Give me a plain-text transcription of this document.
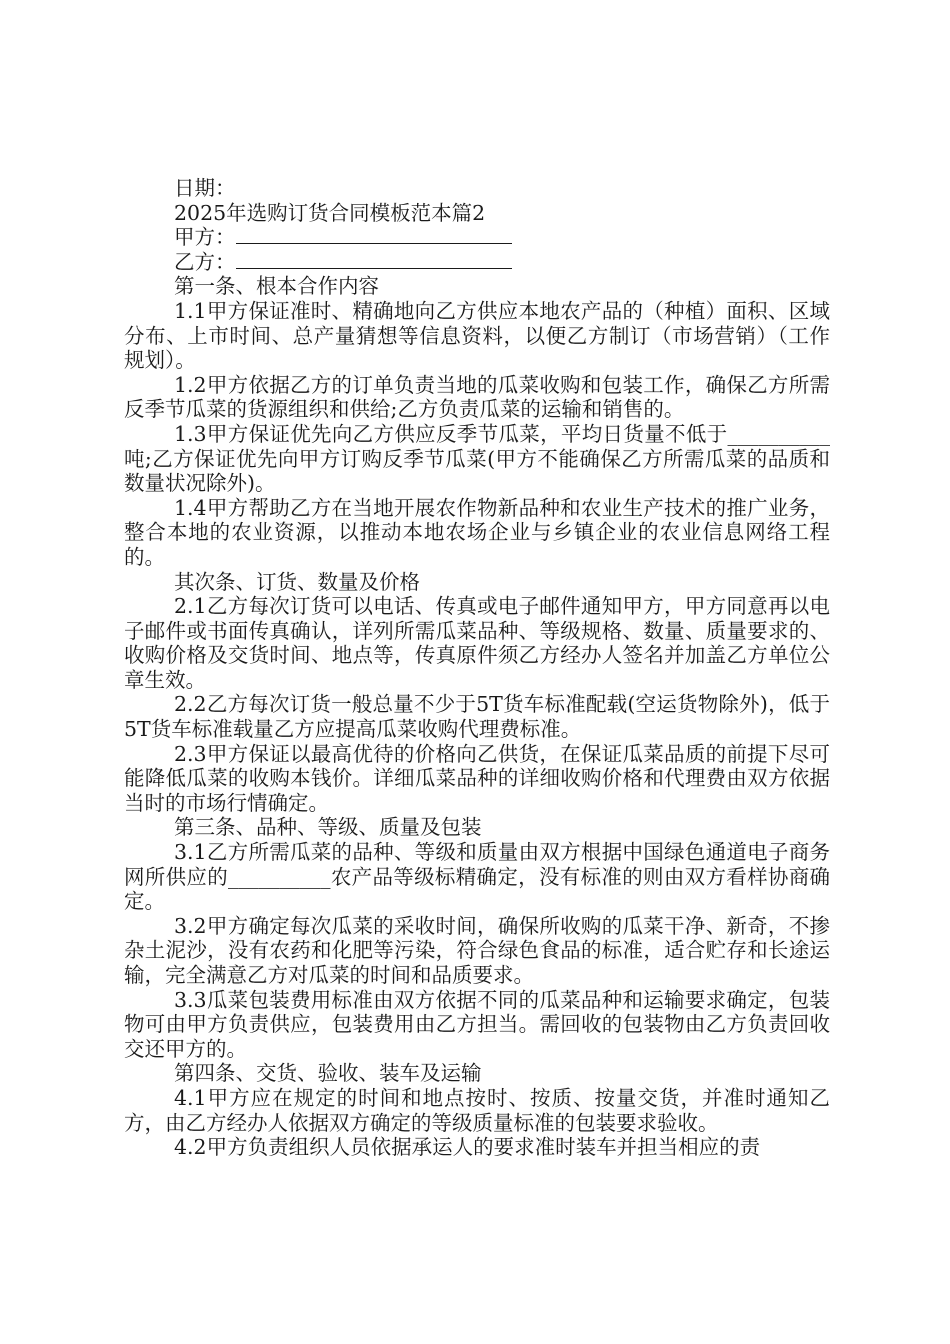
日期：

2025年选购订货合同模板范本篇2

甲方：

乙方：

第一条、根本合作内容

1.1甲方保证准时、精确地向乙方供应本地农产品的（种植）面积、区域分布、上市时间、总产量猜想等信息资料，以便乙方制订（市场营销）（工作规划）。

1.2甲方依据乙方的订单负责当地的瓜菜收购和包装工作，确保乙方所需反季节瓜菜的货源组织和供给;乙方负责瓜菜的运输和销售的。

1.3甲方保证优先向乙方供应反季节瓜菜，平均日货量不低于__________吨;乙方保证优先向甲方订购反季节瓜菜(甲方不能确保乙方所需瓜菜的品质和数量状况除外)。

1.4甲方帮助乙方在当地开展农作物新品种和农业生产技术的推广业务，整合本地的农业资源，以推动本地农场企业与乡镇企业的农业信息网络工程的。

其次条、订货、数量及价格

2.1乙方每次订货可以电话、传真或电子邮件通知甲方，甲方同意再以电子邮件或书面传真确认，详列所需瓜菜品种、等级规格、数量、质量要求的、收购价格及交货时间、地点等，传真原件须乙方经办人签名并加盖乙方单位公章生效。

2.2乙方每次订货一般总量不少于5T货车标准配载(空运货物除外)，低于5T货车标准载量乙方应提高瓜菜收购代理费标准。

2.3甲方保证以最高优待的价格向乙供货，在保证瓜菜品质的前提下尽可能降低瓜菜的收购本钱价。详细瓜菜品种的详细收购价格和代理费由双方依据当时的市场行情确定。

第三条、品种、等级、质量及包装

3.1乙方所需瓜菜的品种、等级和质量由双方根据中国绿色通道电子商务网所供应的__________农产品等级标精确定，没有标准的则由双方看样协商确定。

3.2甲方确定每次瓜菜的采收时间，确保所收购的瓜菜干净、新奇，不掺杂土泥沙，没有农药和化肥等污染，符合绿色食品的标准，适合贮存和长途运输，完全满意乙方对瓜菜的时间和品质要求。

3.3瓜菜包装费用标准由双方依据不同的瓜菜品种和运输要求确定，包装物可由甲方负责供应，包装费用由乙方担当。需回收的包装物由乙方负责回收交还甲方的。

第四条、交货、验收、装车及运输

4.1甲方应在规定的时间和地点按时、按质、按量交货，并准时通知乙方，由乙方经办人依据双方确定的等级质量标准的包装要求验收。

4.2甲方负责组织人员依据承运人的要求准时装车并担当相应的责
